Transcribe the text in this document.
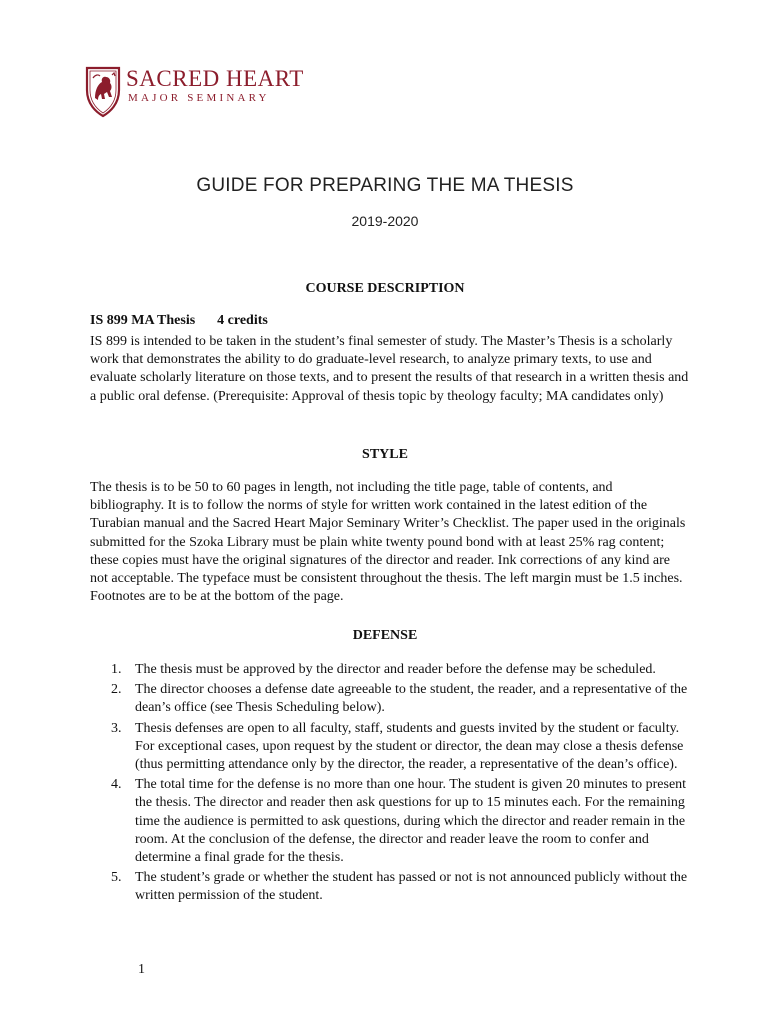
SACRED HEART
MAJOR SEMINARY
GUIDE FOR PREPARING THE MA THESIS
2019-2020
COURSE DESCRIPTION
IS 899 MA Thesis 4 credits
IS 899 is intended to be taken in the student’s final semester of study. The Master’s Thesis is a scholarly work that demonstrates the ability to do graduate-level research, to analyze primary texts, to use and evaluate scholarly literature on those texts, and to present the results of that research in a written thesis and a public oral defense. (Prerequisite: Approval of thesis topic by theology faculty; MA candidates only)
STYLE
The thesis is to be 50 to 60 pages in length, not including the title page, table of contents, and bibliography. It is to follow the norms of style for written work contained in the latest edition of the Turabian manual and the Sacred Heart Major Seminary Writer’s Checklist. The paper used in the originals submitted for the Szoka Library must be plain white twenty pound bond with at least 25% rag content; these copies must have the original signatures of the director and reader. Ink corrections of any kind are not acceptable. The typeface must be consistent throughout the thesis. The left margin must be 1.5 inches. Footnotes are to be at the bottom of the page.
DEFENSE
1. The thesis must be approved by the director and reader before the defense may be scheduled.
2. The director chooses a defense date agreeable to the student, the reader, and a representative of the dean’s office (see Thesis Scheduling below).
3. Thesis defenses are open to all faculty, staff, students and guests invited by the student or faculty. For exceptional cases, upon request by the student or director, the dean may close a thesis defense (thus permitting attendance only by the director, the reader, a representative of the dean’s office).
4. The total time for the defense is no more than one hour. The student is given 20 minutes to present the thesis. The director and reader then ask questions for up to 15 minutes each. For the remaining time the audience is permitted to ask questions, during which the director and reader remain in the room. At the conclusion of the defense, the director and reader leave the room to confer and determine a final grade for the thesis.
5. The student’s grade or whether the student has passed or not is not announced publicly without the written permission of the student.
1
